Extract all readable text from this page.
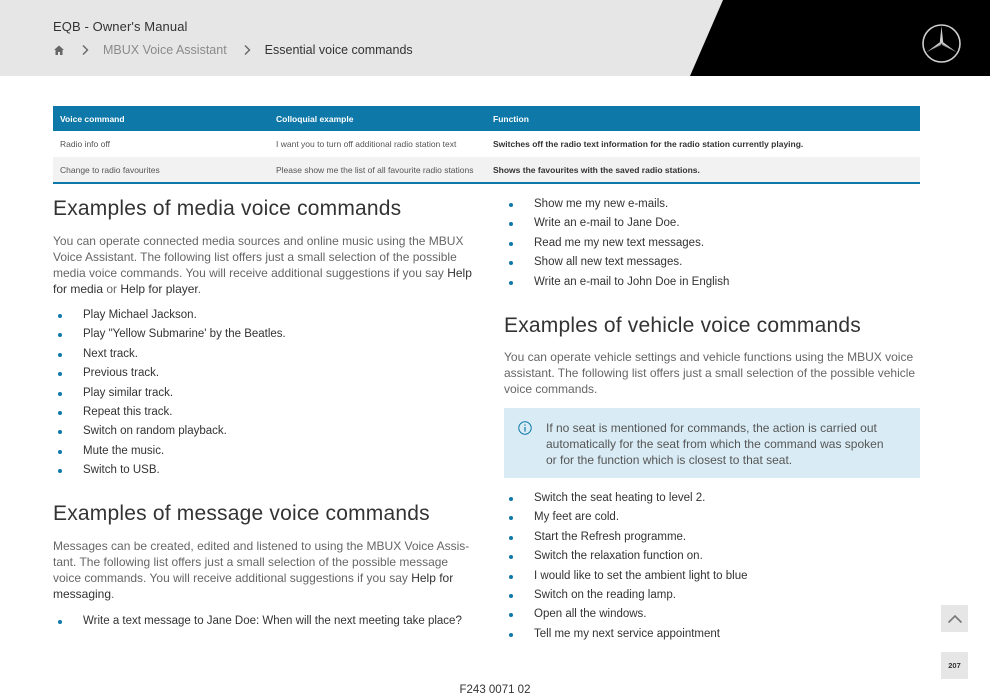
EQB - Owner's Manual
MBUX Voice Assistant	Essential voice commands
Voice command	Colloquial example	Function
Radio info off	I want you to turn off additional radio station text	Switches off the radio text information for the radio station currently playing.
Change to radio favourites	Please show me the list of all favourite radio stations	Shows the favourites with the saved radio stations.
Examples of media voice commands

You can operate connected media sources and online music using the MBUX Voice Assistant. The following list offers just a small selection of the possible media voice commands. You will receive additional suggestions if you say Help for media or Help for player.

Play Michael Jackson.
Play "Yellow Submarine' by the Beatles.
Next track.
Previous track.
Play similar track.
Repeat this track.
Switch on random playback.
Mute the music.
Switch to USB.
Examples of message voice commands

Messages can be created, edited and listened to using the MBUX Voice Assis-tant. The following list offers just a small selection of the possible message voice commands. You will receive additional suggestions if you say Help for messaging.

Write a text message to Jane Doe: When will the next meeting take place?
Show me my new e-mails.
Write an e-mail to Jane Doe.
Read me my new text messages.
Show all new text messages.
Write an e-mail to John Doe in English
Examples of vehicle voice commands

You can operate vehicle settings and vehicle functions using the MBUX voice assistant. The following list offers just a small selection of the possible vehicle voice commands.

If no seat is mentioned for commands, the action is carried out automatically for the seat from which the command was spoken or for the function which is closest to that seat.
Switch the seat heating to level 2.
My feet are cold.
Start the Refresh programme.
Switch the relaxation function on.
I would like to set the ambient light to blue
Switch on the reading lamp.
Open all the windows.
Tell me my next service appointment
207
F243 0071 02
